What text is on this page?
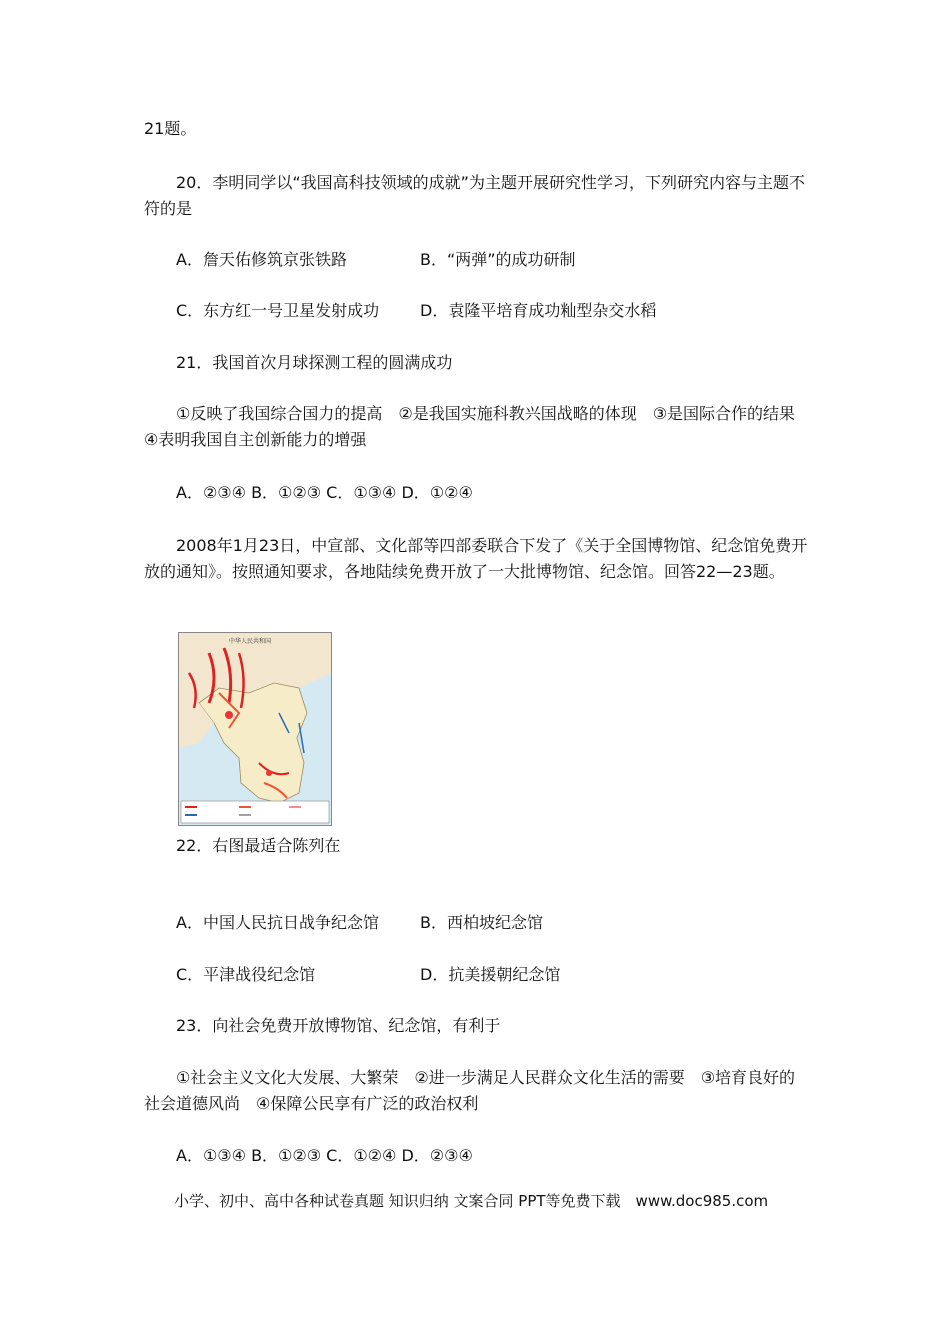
21题。
20．李明同学以“我国高科技领域的成就”为主题开展研究性学习，下列研究内容与主题不符的是
A．詹天佑修筑京张铁路	B．“两弹”的成功研制
C．东方红一号卫星发射成功	D．袁隆平培育成功籼型杂交水稻
21．我国首次月球探测工程的圆满成功
①反映了我国综合国力的提高　②是我国实施科教兴国战略的体现　③是国际合作的结果　④表明我国自主创新能力的增强
A．②③④ B．①②③ C．①③④ D．①②④
2008年1月23日，中宣部、文化部等四部委联合下发了《关于全国博物馆、纪念馆免费开放的通知》。按照通知要求，各地陆续免费开放了一大批博物馆、纪念馆。回答22—23题。
中华人民共和国
22．右图最适合陈列在
A．中国人民抗日战争纪念馆	B．西柏坡纪念馆
C．平津战役纪念馆	D．抗美援朝纪念馆
23．向社会免费开放博物馆、纪念馆，有利于
①社会主义文化大发展、大繁荣　②进一步满足人民群众文化生活的需要　③培育良好的社会道德风尚　④保障公民享有广泛的政治权利
A．①③④ B．①②③ C．①②④ D．②③④
小学、初中、高中各种试卷真题 知识归纳 文案合同 PPT等免费下载　www.doc985.com
